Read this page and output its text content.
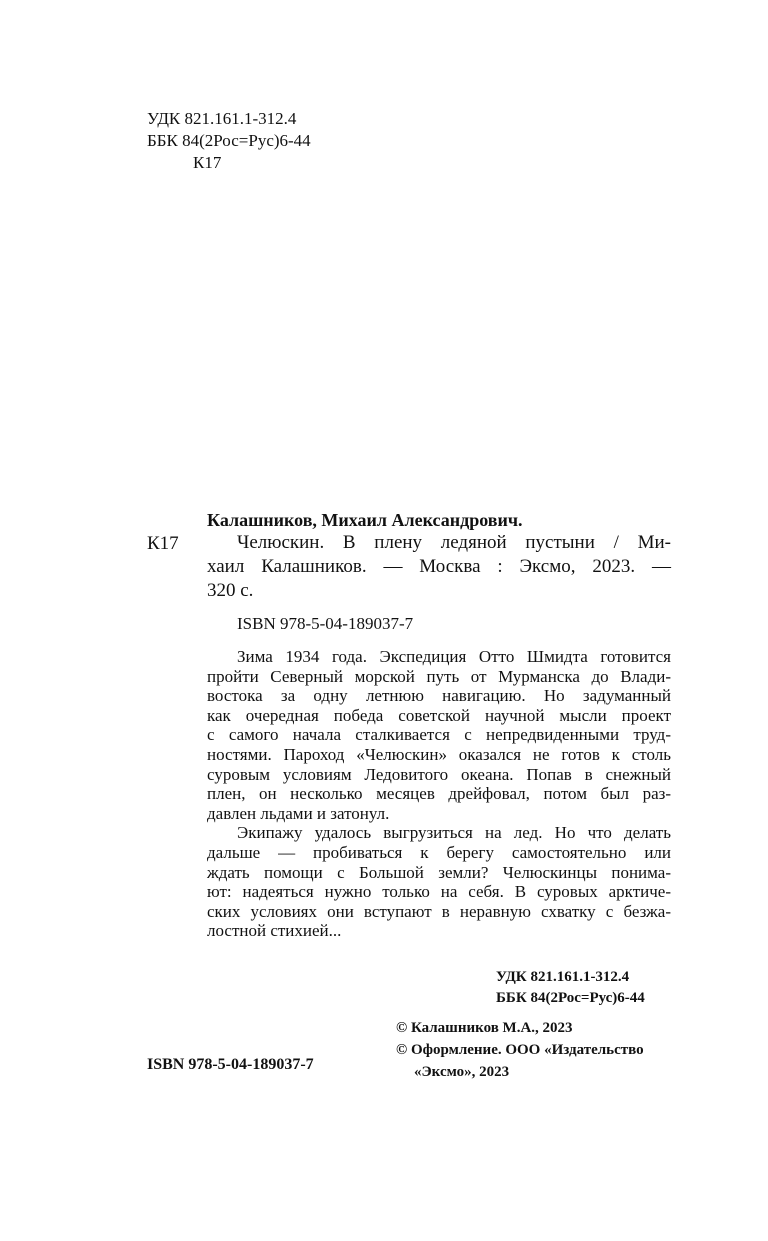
УДК 821.161.1-312.4
ББК 84(2Рос=Рус)6-44
К17
Калашников, Михаил Александрович.
К17	Челюскин. В плену ледяной пустыни / Ми-
хаил Калашников. — Москва : Эксмо, 2023. —
320 с.
ISBN 978-5-04-189037-7
Зима 1934 года. Экспедиция Отто Шмидта готовится
пройти Северный морской путь от Мурманска до Влади-
востока за одну летнюю навигацию. Но задуманный
как очередная победа советской научной мысли проект
с самого начала сталкивается с непредвиденными труд-
ностями. Пароход «Челюскин» оказался не готов к столь
суровым условиям Ледовитого океана. Попав в снежный
плен, он несколько месяцев дрейфовал, потом был раз-
давлен льдами и затонул.
Экипажу удалось выгрузиться на лед. Но что делать
дальше — пробиваться к берегу самостоятельно или
ждать помощи с Большой земли? Челюскинцы понима-
ют: надеяться нужно только на себя. В суровых арктиче-
ских условиях они вступают в неравную схватку с безжа-
лостной стихией...
УДК 821.161.1-312.4
ББК 84(2Рос=Рус)6-44
© Калашников М.А., 2023
© Оформление. ООО «Издательство
«Эксмо», 2023
ISBN 978-5-04-189037-7
